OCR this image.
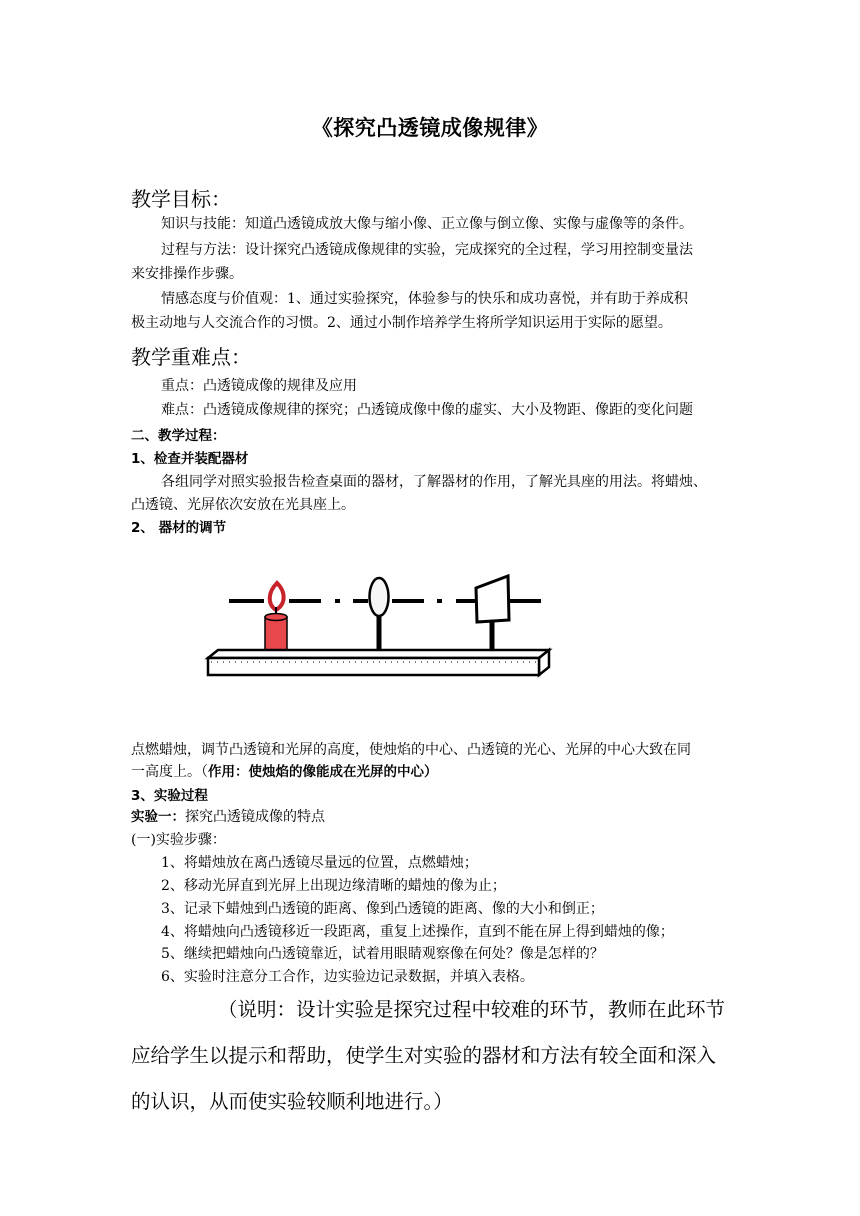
《探究凸透镜成像规律》
教学目标：
知识与技能：知道凸透镜成放大像与缩小像、正立像与倒立像、实像与虚像等的条件。
过程与方法：设计探究凸透镜成像规律的实验，完成探究的全过程，学习用控制变量法
来安排操作步骤。
情感态度与价值观：1、通过实验探究，体验参与的快乐和成功喜悦，并有助于养成积
极主动地与人交流合作的习惯。2、通过小制作培养学生将所学知识运用于实际的愿望。
教学重难点：
重点：凸透镜成像的规律及应用
难点：凸透镜成像规律的探究；凸透镜成像中像的虚实、大小及物距、像距的变化问题
二、教学过程：
1、检查并装配器材
各组同学对照实验报告检查桌面的器材，了解器材的作用，了解光具座的用法。将蜡烛、
凸透镜、光屏依次安放在光具座上。
2、 器材的调节
点燃蜡烛，调节凸透镜和光屏的高度，使烛焰的中心、凸透镜的光心、光屏的中心大致在同
一高度上。（作用：使烛焰的像能成在光屏的中心）
3、实验过程
实验一：探究凸透镜成像的特点
(一)实验步骤：
1、将蜡烛放在离凸透镜尽量远的位置，点燃蜡烛；
2、移动光屏直到光屏上出现边缘清晰的蜡烛的像为止；
3、记录下蜡烛到凸透镜的距离、像到凸透镜的距离、像的大小和倒正；
4、将蜡烛向凸透镜移近一段距离，重复上述操作，直到不能在屏上得到蜡烛的像；
5、继续把蜡烛向凸透镜靠近，试着用眼睛观察像在何处？像是怎样的？
6、实验时注意分工合作，边实验边记录数据，并填入表格。
（说明：设计实验是探究过程中较难的环节，教师在此环节
应给学生以提示和帮助，使学生对实验的器材和方法有较全面和深入
的认识，从而使实验较顺利地进行。）
